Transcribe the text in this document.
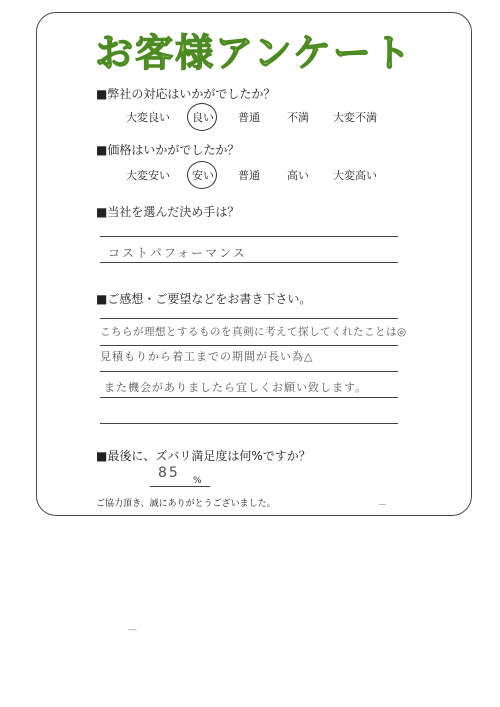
お客様アンケート
■弊社の対応はいかがでしたか？
大変良い 良い 普通 不満 大変不満
■価格はいかがでしたか？
大変安い 安い 普通 高い 大変高い
■当社を選んだ決め手は？
コストパフォーマンス
■ご感想・ご要望などをお書き下さい。
こちらが理想とするものを真剣に考えて探してくれたことは◎
見積もりから着工までの期間が長い為△
また機会がありましたら宜しくお願い致します。
■最後に、ズバリ満足度は何%ですか？
85 %
ご協力頂き、誠にありがとうございました。	－
—
